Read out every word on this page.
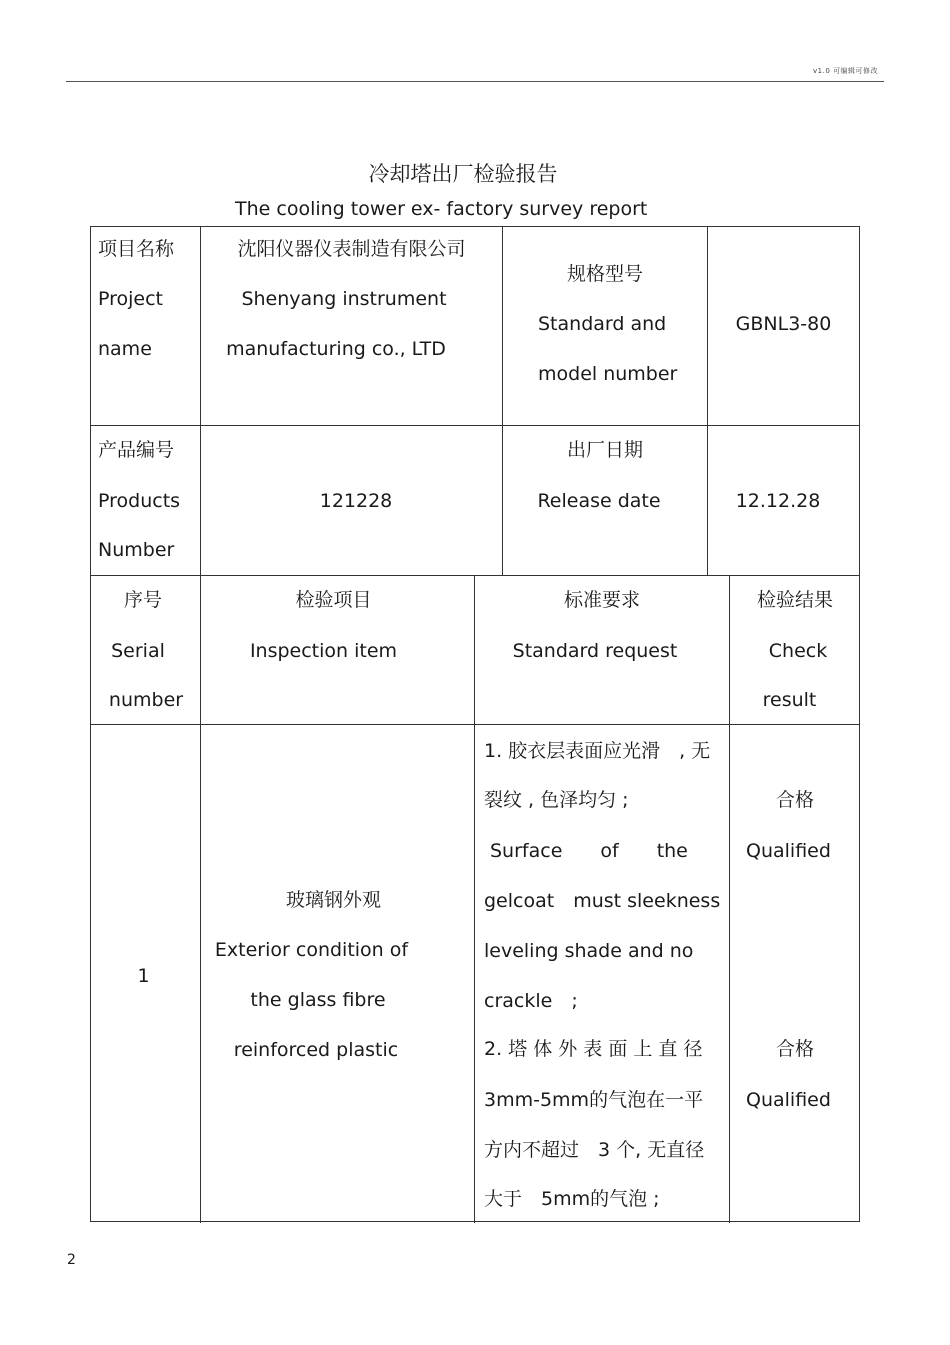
v1.0 可编辑可修改
冷却塔出厂检验报告
The cooling tower ex- factory survey report
项目名称
Project
name
沈阳仪器仪表制造有限公司
Shenyang instrument
manufacturing co., LTD
规格型号
Standard and
model number
GBNL3-80
产品编号
Products
Number
121228
出厂日期
Release date	12.12.28
序号
Serial
number
检验项目
Inspection item
标准要求
Standard request
检验结果
Check
result
1
玻璃钢外观
Exterior condition of
the glass fibre
reinforced plastic
1. 胶衣层表面应光滑　, 无
裂纹 , 色泽均匀 ;
Surface　　of　　the
gelcoat　must sleekness
leveling shade and no
crackle　;
2. 塔 体 外 表 面 上 直 径
3mm-5mm的气泡在一平
方内不超过　3 个, 无直径
大于　5mm的气泡 ;
合格
Qualified
合格
Qualified
2
